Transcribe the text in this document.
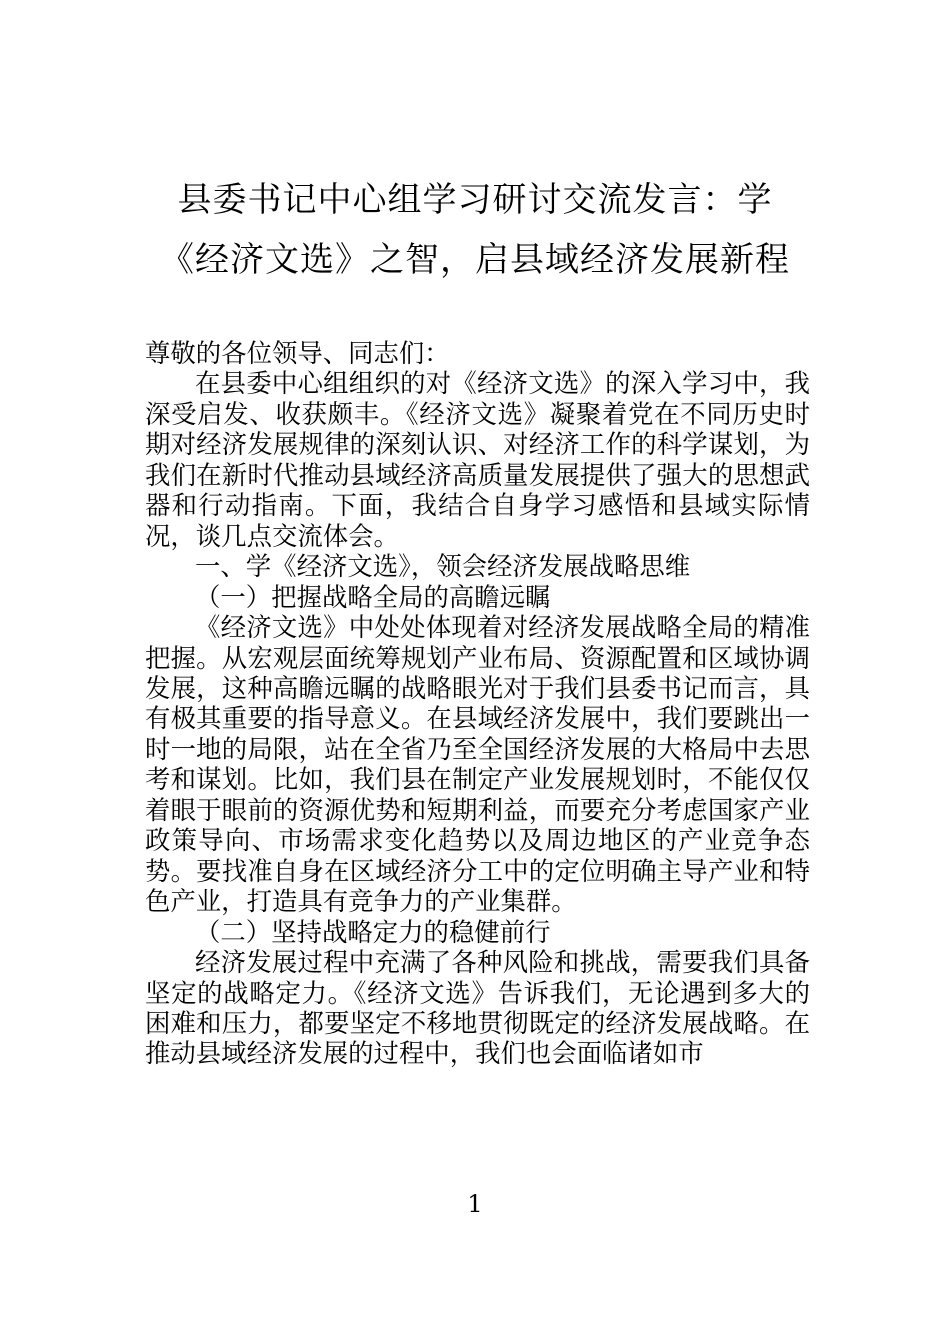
县委书记中心组学习研讨交流发言：学
《经济文选》之智，启县域经济发展新程

尊敬的各位领导、同志们：

在县委中心组组织的对《经济文选》的深入学习中，我深受启发、收获颇丰。《经济文选》凝聚着党在不同历史时期对经济发展规律的深刻认识、对经济工作的科学谋划，为我们在新时代推动县域经济高质量发展提供了强大的思想武器和行动指南。下面，我结合自身学习感悟和县域实际情况，谈几点交流体会。

一、学《经济文选》，领会经济发展战略思维

（一）把握战略全局的高瞻远瞩

《经济文选》中处处体现着对经济发展战略全局的精准把握。从宏观层面统筹规划产业布局、资源配置和区域协调发展，这种高瞻远瞩的战略眼光对于我们县委书记而言，具有极其重要的指导意义。在县域经济发展中，我们要跳出一时一地的局限，站在全省乃至全国经济发展的大格局中去思考和谋划。比如，我们县在制定产业发展规划时，不能仅仅着眼于眼前的资源优势和短期利益，而要充分考虑国家产业政策导向、市场需求变化趋势以及周边地区的产业竞争态势。要找准自身在区域经济分工中的定位明确主导产业和特色产业，打造具有竞争力的产业集群。

（二）坚持战略定力的稳健前行

经济发展过程中充满了各种风险和挑战，需要我们具备坚定的战略定力。《经济文选》告诉我们，无论遇到多大的困难和压力，都要坚定不移地贯彻既定的经济发展战略。在推动县域经济发展的过程中，我们也会面临诸如市

1
